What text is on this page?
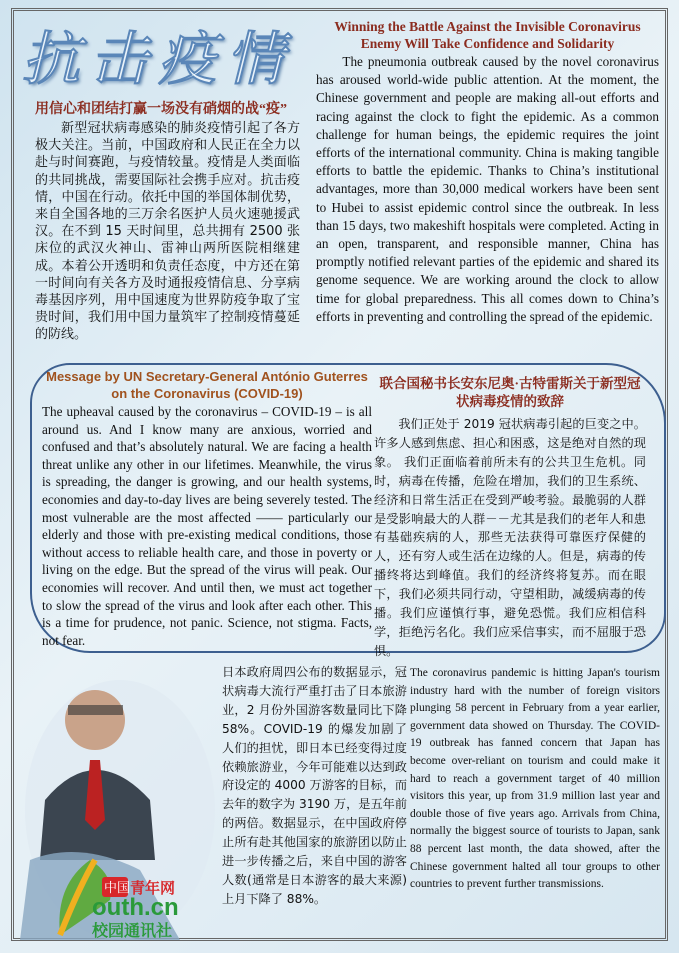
抗击疫情	Winning the Battle Against the Invisible Coronavirus Enemy Will Take Confidence and Solidarity

The pneumonia outbreak caused by the novel coronavirus has aroused world-wide public attention. At the moment, the Chinese government and people are making all-out efforts and racing against the clock to fight the epidemic. As a common challenge for human beings, the epidemic requires the joint efforts of the international community. China is making tangible efforts to battle the epidemic. Thanks to China’s institutional advantages, more than 30,000 medical workers have been sent to Hubei to assist epidemic control since the outbreak. In less than 15 days, two makeshift hospitals were completed. Acting in an open, transparent, and responsible manner, China has promptly notified relevant parties of the epidemic and shared its genome sequence. We are working around the clock to allow time for global preparedness. This all comes down to China’s efforts in preventing and controlling the spread of the epidemic.

用信心和团结打赢一场没有硝烟的战“疫”

新型冠状病毒感染的肺炎疫情引起了各方极大关注。当前，中国政府和人民正在全力以赴与时间赛跑，与疫情较量。疫情是人类面临的共同挑战，需要国际社会携手应对。抗击疫情，中国在行动。依托中国的举国体制优势，来自全国各地的三万余名医护人员火速驰援武汉。在不到 15 天时间里，总共拥有 2500 张床位的武汉火神山、雷神山两所医院相继建成。本着公开透明和负责任态度，中方还在第一时间向有关各方及时通报疫情信息、分享病毒基因序列，用中国速度为世界防疫争取了宝贵时间，我们用中国力量筑牢了控制疫情蔓延的防线。

Message by UN Secretary-General António Guterres on the Coronavirus (COVID-19)

The upheaval caused by the coronavirus – COVID-19 – is all around us. And I know many are anxious, worried and confused and that’s absolutely natural. We are facing a health threat unlike any other in our lifetimes. Meanwhile, the virus is spreading, the danger is growing, and our health systems, economies and day-to-day lives are being severely tested. The most vulnerable are the most affected —— particularly our elderly and those with pre-existing medical conditions, those without access to reliable health care, and those in poverty or living on the edge. But the spread of the virus will peak. Our economies will recover. And until then, we must act together to slow the spread of the virus and look after each other. This is a time for prudence, not panic. Science, not stigma. Facts, not fear.

联合国秘书长安东尼奥·古特雷斯关于新型冠状病毒疫情的致辞

我们正处于 2019 冠状病毒引起的巨变之中。许多人感到焦虑、担心和困惑，这是绝对自然的现象。 我们正面临着前所未有的公共卫生危机。同时，病毒在传播，危险在增加，我们的卫生系统、经济和日常生活正在受到严峻考验。最脆弱的人群是受影响最大的人群－－尤其是我们的老年人和患有基础疾病的人，那些无法获得可靠医疗保健的人，还有穷人或生活在边缘的人。但是，病毒的传播终将达到峰值。我们的经济终将复苏。而在眼下，我们必须共同行动，守望相助，减缓病毒的传播。我们应谨慎行事，避免恐慌。我们应相信科学，拒绝污名化。我们应采信事实，而不屈服于恐惧。

日本政府周四公布的数据显示，冠状病毒大流行严重打击了日本旅游业，2 月份外国游客数量同比下降 58%。COVID-19 的爆发加剧了人们的担忧，即日本已经变得过度依赖旅游业，今年可能难以达到政府设定的 4000 万游客的目标，而去年的数字为 3190 万，是五年前的两倍。数据显示，在中国政府停止所有赴其他国家的旅游团以防止进一步传播之后，来自中国的游客人数(通常是日本游客的最大来源)上月下降了 88%。

The coronavirus pandemic is hitting Japan's tourism industry hard with the number of foreign visitors plunging 58 percent in February from a year earlier, government data showed on Thursday. The COVID-19 outbreak has fanned concern that Japan has become over-reliant on tourism and could make it hard to reach a government target of 40 million visitors this year, up from 31.9 million last year and double those of five years ago. Arrivals from China, normally the biggest source of tourists to Japan, sank 88 percent last month, the data showed, after the Chinese government halted all tour groups to other countries to prevent further transmissions.

中国 青年网
outh.cn
校园通讯社
